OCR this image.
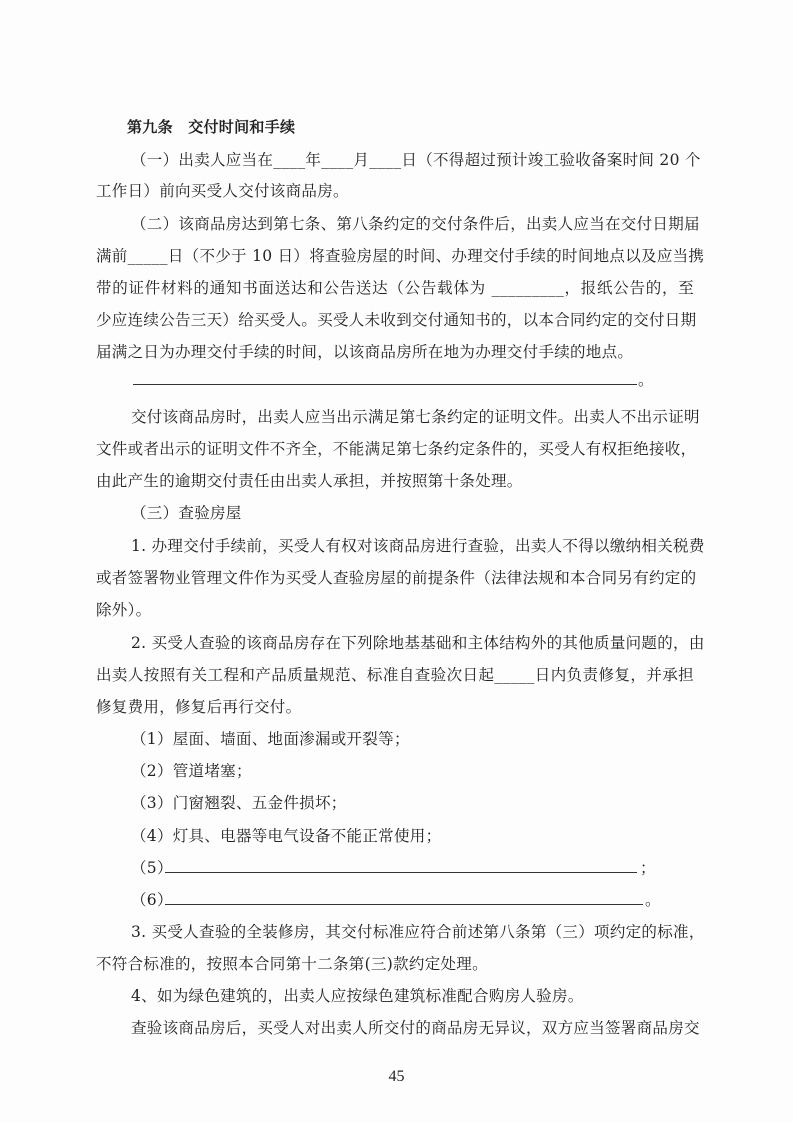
第九条　交付时间和手续
（一）出卖人应当在____年____月____日（不得超过预计竣工验收备案时间 20 个
工作日）前向买受人交付该商品房。
（二）该商品房达到第七条、第八条约定的交付条件后，出卖人应当在交付日期届
满前_____日（不少于 10 日）将查验房屋的时间、办理交付手续的时间地点以及应当携
带的证件材料的通知书面送达和公告送达（公告载体为 _________，报纸公告的，至
少应连续公告三天）给买受人。买受人未收到交付通知书的，以本合同约定的交付日期
届满之日为办理交付手续的时间，以该商品房所在地为办理交付手续的地点。
。
交付该商品房时，出卖人应当出示满足第七条约定的证明文件。出卖人不出示证明
文件或者出示的证明文件不齐全，不能满足第七条约定条件的，买受人有权拒绝接收，
由此产生的逾期交付责任由出卖人承担，并按照第十条处理。
（三）查验房屋
1. 办理交付手续前，买受人有权对该商品房进行查验，出卖人不得以缴纳相关税费
或者签署物业管理文件作为买受人查验房屋的前提条件（法律法规和本合同另有约定的
除外）。
2. 买受人查验的该商品房存在下列除地基基础和主体结构外的其他质量问题的，由
出卖人按照有关工程和产品质量规范、标准自查验次日起_____日内负责修复，并承担
修复费用，修复后再行交付。
（1）屋面、墙面、地面渗漏或开裂等；
（2）管道堵塞；
（3）门窗翘裂、五金件损坏；
（4）灯具、电器等电气设备不能正常使用；
（5）	；
（6）	。
3. 买受人查验的全装修房，其交付标准应符合前述第八条第（三）项约定的标准，
不符合标准的，按照本合同第十二条第(三)款约定处理。
4、如为绿色建筑的，出卖人应按绿色建筑标准配合购房人验房。
查验该商品房后，买受人对出卖人所交付的商品房无异议，双方应当签署商品房交
45
